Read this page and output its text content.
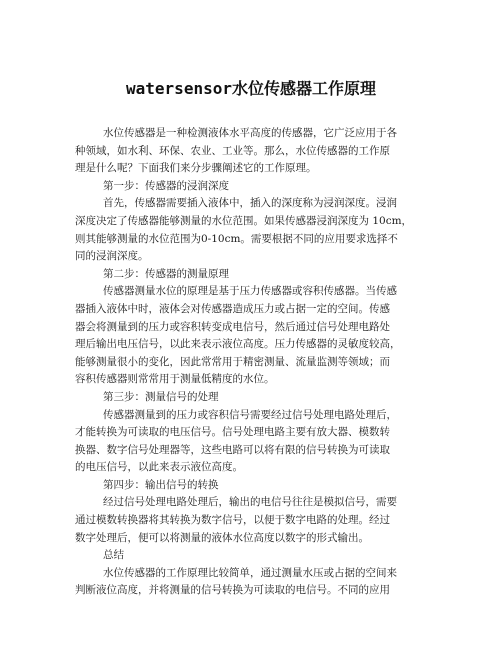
watersensor水位传感器工作原理
水位传感器是一种检测液体水平高度的传感器，它广泛应用于各
种领域，如水利、环保、农业、工业等。那么，水位传感器的工作原
理是什么呢？下面我们来分步骤阐述它的工作原理。
第一步：传感器的浸润深度
首先，传感器需要插入液体中，插入的深度称为浸润深度。浸润
深度决定了传感器能够测量的水位范围。如果传感器浸润深度为 10cm，
则其能够测量的水位范围为0-10cm。需要根据不同的应用要求选择不
同的浸润深度。
第二步：传感器的测量原理
传感器测量水位的原理是基于压力传感器或容积传感器。当传感
器插入液体中时，液体会对传感器造成压力或占据一定的空间。传感
器会将测量到的压力或容积转变成电信号，然后通过信号处理电路处
理后输出电压信号，以此来表示液位高度。压力传感器的灵敏度较高，
能够测量很小的变化，因此常常用于精密测量、流量监测等领域；而
容积传感器则常常用于测量低精度的水位。
第三步：测量信号的处理
传感器测量到的压力或容积信号需要经过信号处理电路处理后，
才能转换为可读取的电压信号。信号处理电路主要有放大器、模数转
换器、数字信号处理器等，这些电路可以将有限的信号转换为可读取
的电压信号，以此来表示液位高度。
第四步：输出信号的转换
经过信号处理电路处理后，输出的电信号往往是模拟信号，需要
通过模数转换器将其转换为数字信号，以便于数字电路的处理。经过
数字处理后，便可以将测量的液体水位高度以数字的形式输出。
总结
水位传感器的工作原理比较简单，通过测量水压或占据的空间来
判断液位高度，并将测量的信号转换为可读取的电信号。不同的应用
